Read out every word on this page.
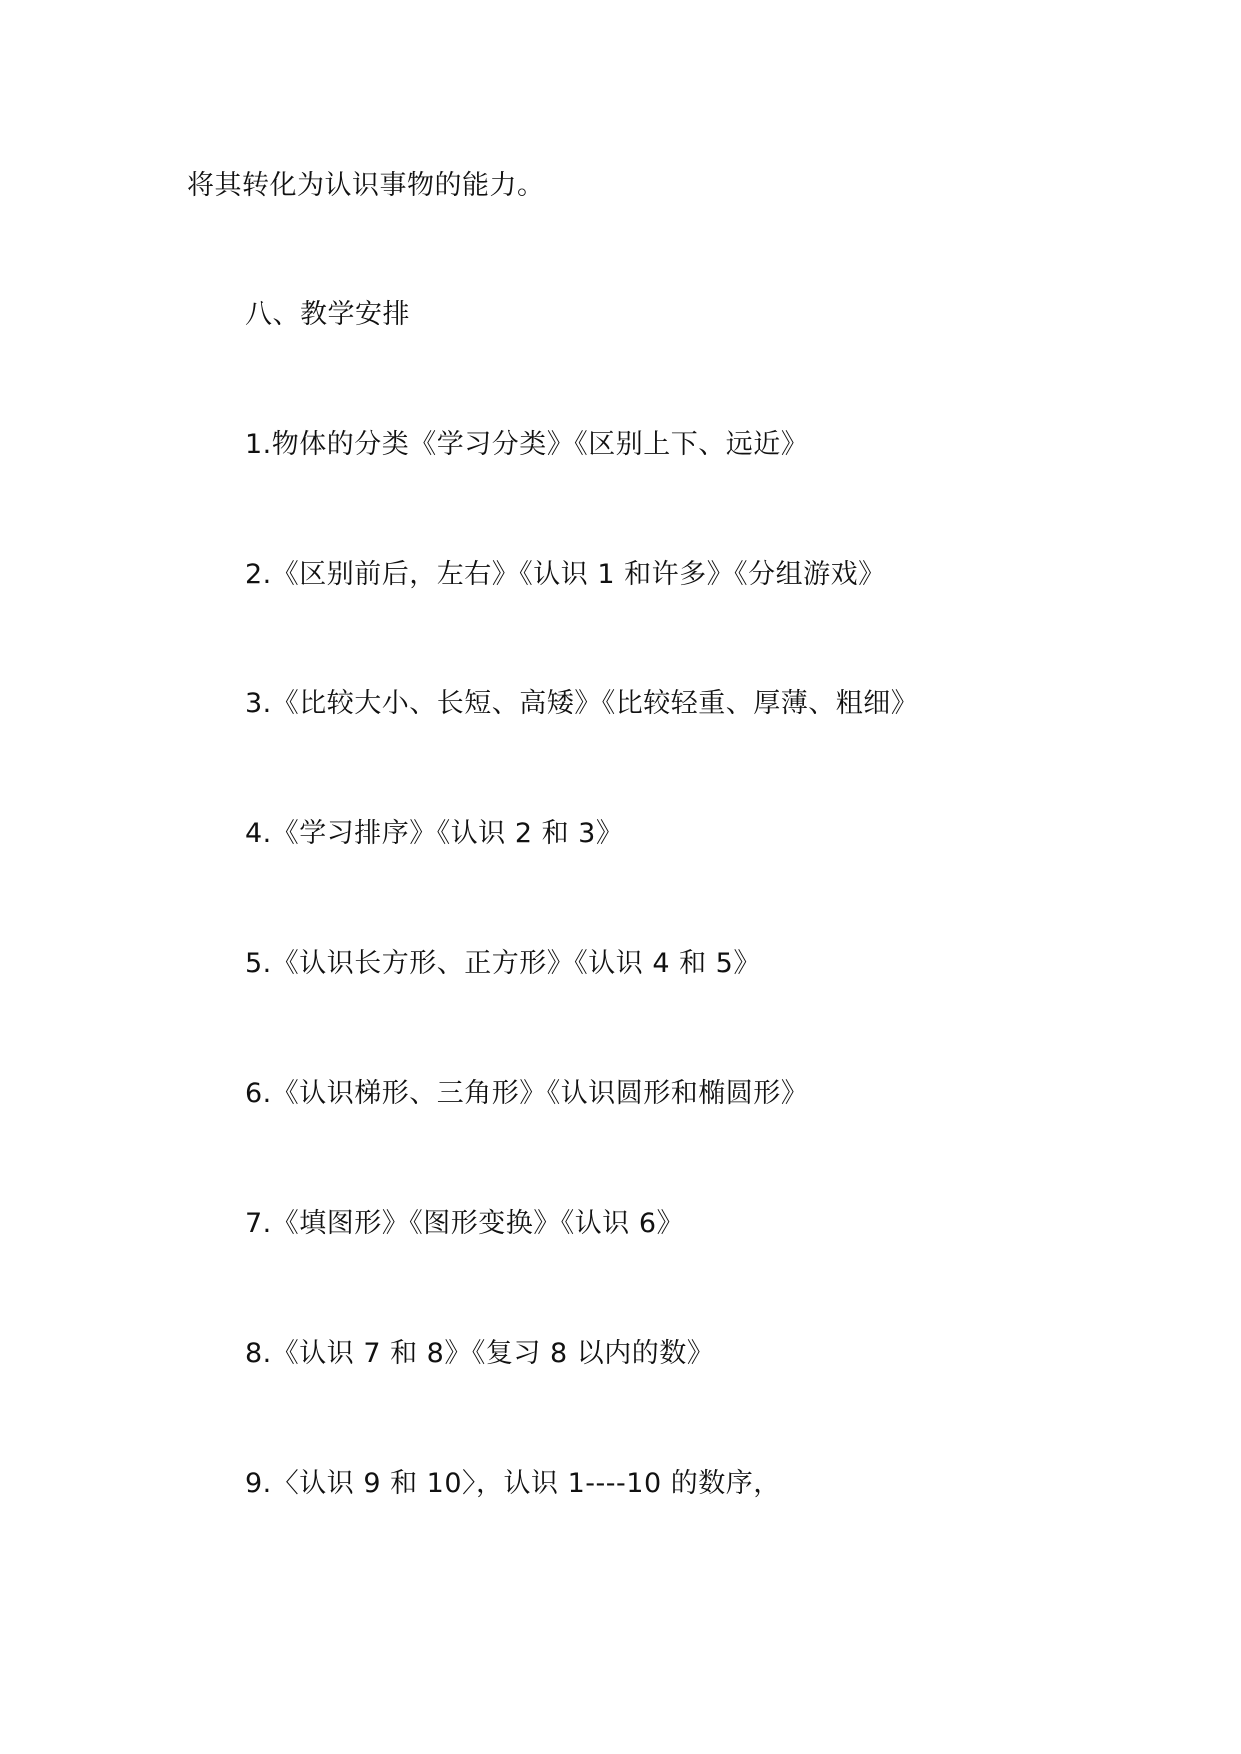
将其转化为认识事物的能力。
八、教学安排
1.物体的分类《学习分类》《区别上下、远近》
2.《区别前后，左右》《认识 1 和许多》《分组游戏》
3.《比较大小、长短、高矮》《比较轻重、厚薄、粗细》
4.《学习排序》《认识 2 和 3》
5.《认识长方形、正方形》《认识 4 和 5》
6.《认识梯形、三角形》《认识圆形和椭圆形》
7.《填图形》《图形变换》《认识 6》
8.《认识 7 和 8》《复习 8 以内的数》
9.〈认识 9 和 10〉，认识 1----10 的数序，
